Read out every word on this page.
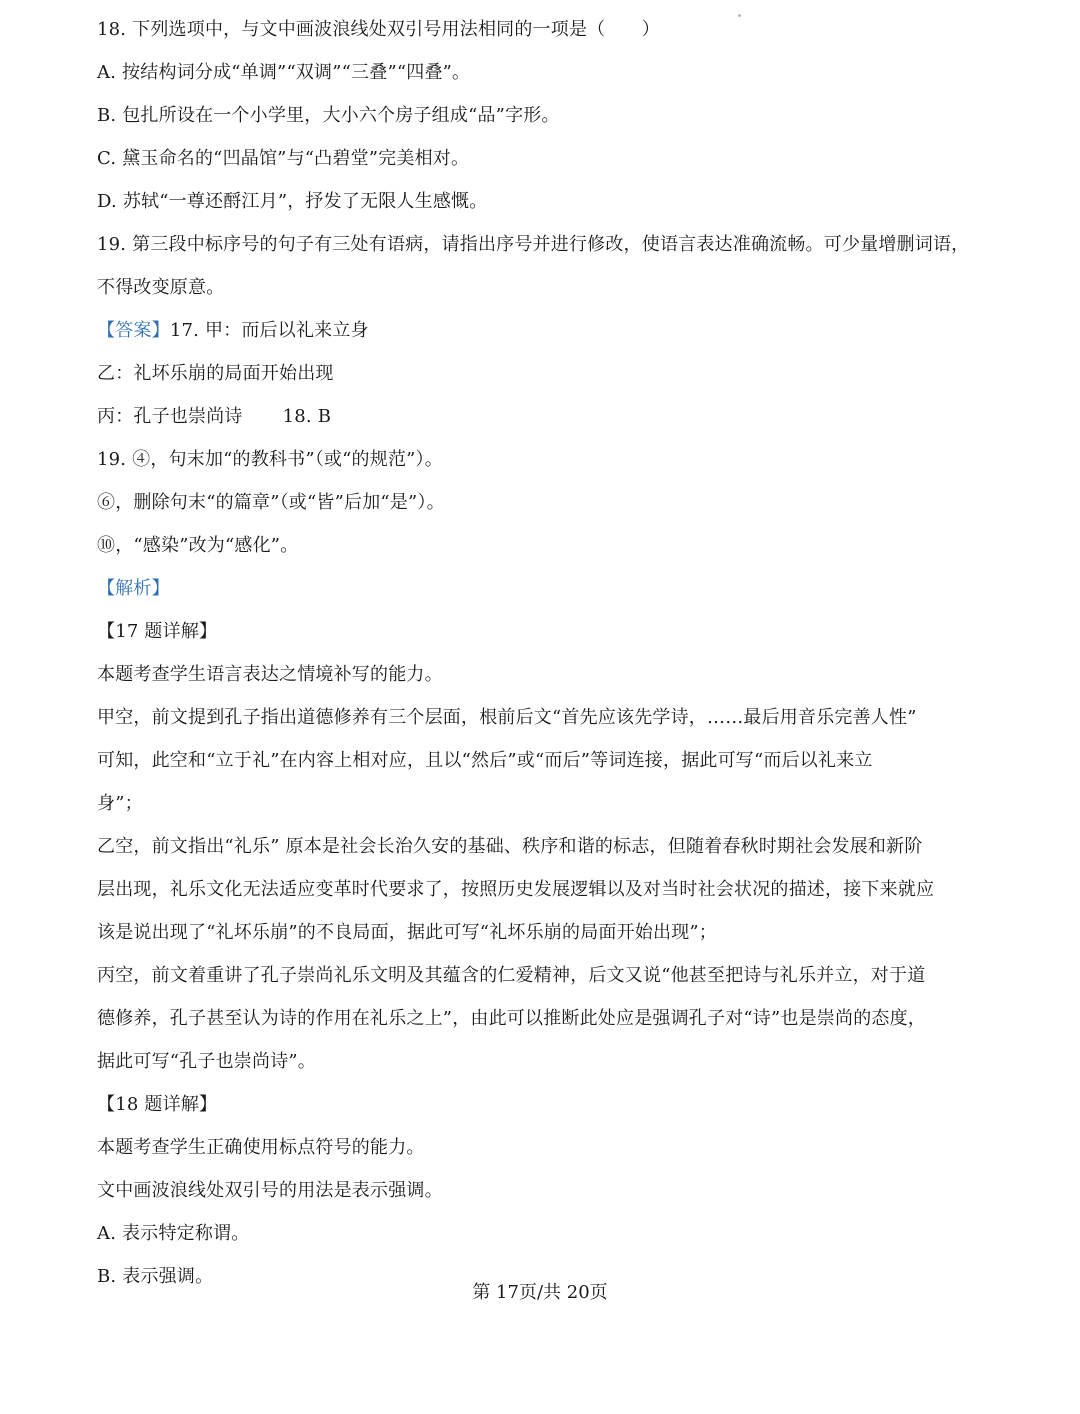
18. 下列选项中，与文中画波浪线处双引号用法相同的一项是（　　）
A. 按结构词分成“单调”“双调”“三叠”“四叠”。
B. 包扎所设在一个小学里，大小六个房子组成“品”字形。
C. 黛玉命名的“凹晶馆”与“凸碧堂”完美相对。
D. 苏轼“一尊还酹江月”，抒发了无限人生感慨。
19. 第三段中标序号的句子有三处有语病，请指出序号并进行修改，使语言表达准确流畅。可少量增删词语，
不得改变原意。
【答案】17. 甲：而后以礼来立身
乙：礼坏乐崩的局面开始出现
丙：孔子也崇尚诗 18. B
19. ④，句末加“的教科书”（或“的规范”）。
⑥，删除句末“的篇章”（或“皆”后加“是”）。
⑩，“感染”改为“感化”。
【解析】
【17 题详解】
本题考查学生语言表达之情境补写的能力。
甲空，前文提到孔子指出道德修养有三个层面，根前后文“首先应该先学诗，……最后用音乐完善人性”
可知，此空和“立于礼”在内容上相对应，且以“然后”或“而后”等词连接，据此可写“而后以礼来立
身”；
乙空，前文指出“礼乐” 原本是社会长治久安的基础、秩序和谐的标志，但随着春秋时期社会发展和新阶
层出现，礼乐文化无法适应变革时代要求了，按照历史发展逻辑以及对当时社会状况的描述，接下来就应
该是说出现了“礼坏乐崩”的不良局面，据此可写“礼坏乐崩的局面开始出现”；
丙空，前文着重讲了孔子崇尚礼乐文明及其蕴含的仁爱精神，后文又说“他甚至把诗与礼乐并立，对于道
德修养，孔子甚至认为诗的作用在礼乐之上”，由此可以推断此处应是强调孔子对“诗”也是崇尚的态度，
据此可写“孔子也崇尚诗”。
【18 题详解】
本题考查学生正确使用标点符号的能力。
文中画波浪线处双引号的用法是表示强调。
A. 表示特定称谓。
B. 表示强调。
第 17页/共 20页
